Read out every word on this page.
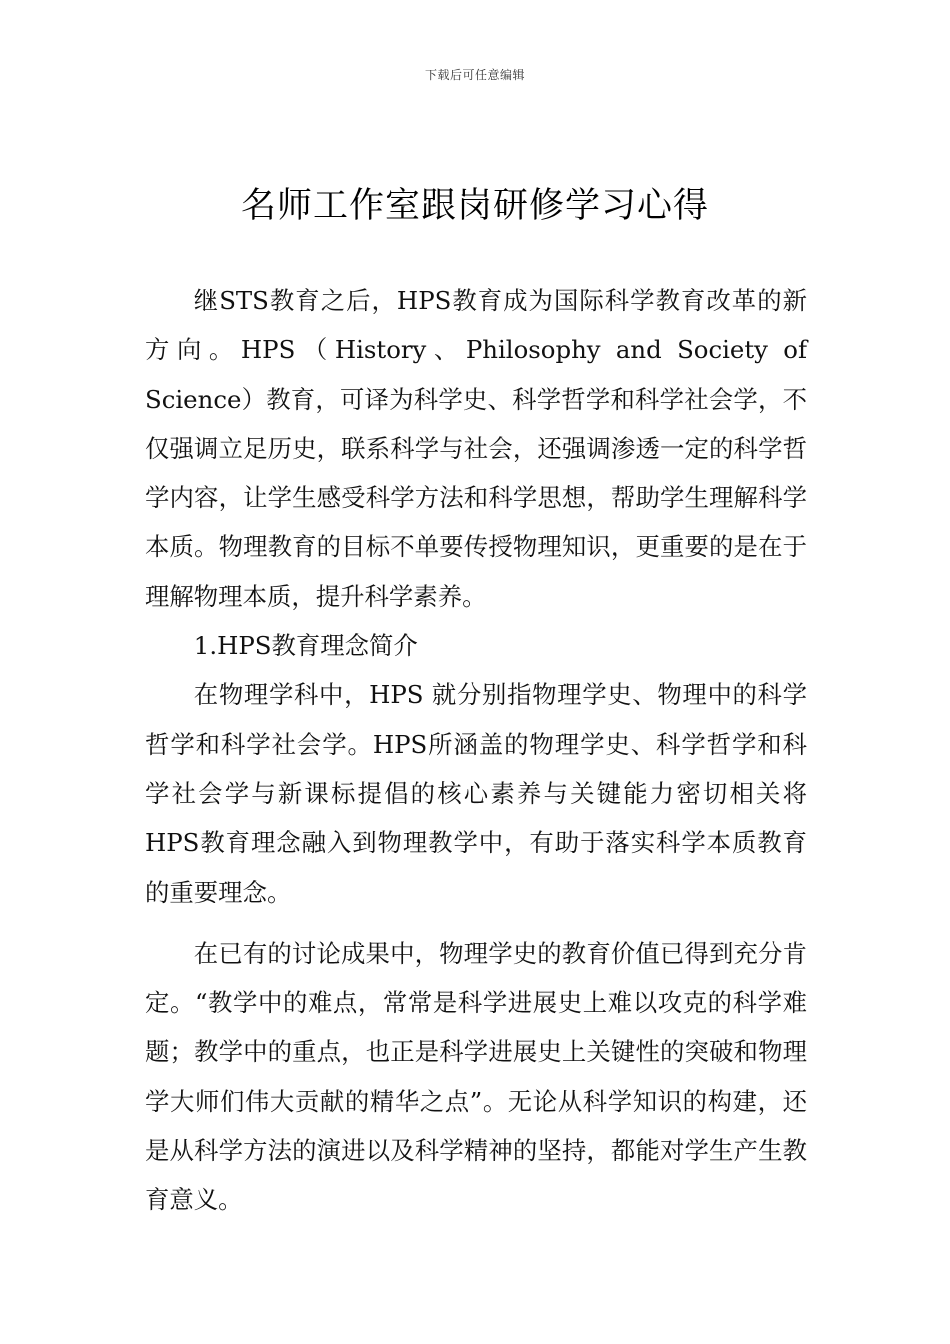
下载后可任意编辑
名师工作室跟岗研修学习心得

继STS教育之后，HPS教育成为国际科学教育改革的新方向。HPS（History、Philosophy and Society of Science）教育，可译为科学史、科学哲学和科学社会学，不仅强调立足历史，联系科学与社会，还强调渗透一定的科学哲学内容，让学生感受科学方法和科学思想，帮助学生理解科学本质。物理教育的目标不单要传授物理知识，更重要的是在于理解物理本质，提升科学素养。

1.HPS教育理念简介

在物理学科中，HPS 就分别指物理学史、物理中的科学哲学和科学社会学。HPS所涵盖的物理学史、科学哲学和科学社会学与新课标提倡的核心素养与关键能力密切相关将HPS教育理念融入到物理教学中，有助于落实科学本质教育的重要理念。

在已有的讨论成果中，物理学史的教育价值已得到充分肯定。“教学中的难点，常常是科学进展史上难以攻克的科学难题；教学中的重点，也正是科学进展史上关键性的突破和物理学大师们伟大贡献的精华之点”。无论从科学知识的构建，还是从科学方法的演进以及科学精神的坚持，都能对学生产生教育意义。
